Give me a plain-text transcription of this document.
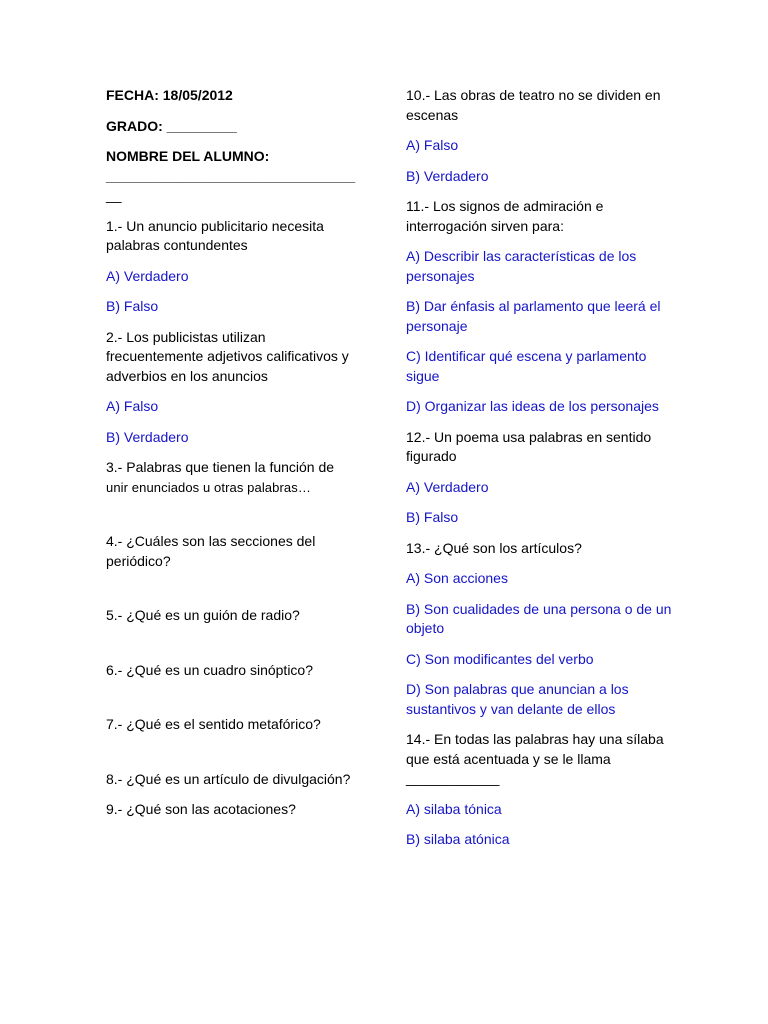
FECHA: 18/05/2012

GRADO: _________

NOMBRE DEL ALUMNO:
________________________________

__

1.- Un anuncio publicitario necesita palabras contundentes

A) Verdadero

B) Falso

2.- Los publicistas utilizan frecuentemente adjetivos calificativos y adverbios en los anuncios

A) Falso

B) Verdadero

3.- Palabras que tienen la función de
unir enunciados u otras palabras…

4.- ¿Cuáles son las secciones del periódico?

5.- ¿Qué es un guión de radio?

6.- ¿Qué es un cuadro sinóptico?

7.- ¿Qué es el sentido metafórico?

8.- ¿Qué es un artículo de divulgación?

9.- ¿Qué son las acotaciones?

10.- Las obras de teatro no se dividen en escenas

A) Falso

B) Verdadero

11.- Los signos de admiración e interrogación sirven para:

A) Describir las características de los personajes

B) Dar énfasis al parlamento que leerá el personaje

C) Identificar qué escena y parlamento sigue

D) Organizar las ideas de los personajes

12.- Un poema usa palabras en sentido figurado

A) Verdadero

B) Falso

13.- ¿Qué son los artículos?

A) Son acciones

B) Son cualidades de una persona o de un objeto

C) Son modificantes del verbo

D) Son palabras que anuncian a los sustantivos y van delante de ellos

14.- En todas las palabras hay una sílaba que está acentuada y se le llama
____________

A) silaba tónica

B) silaba atónica
